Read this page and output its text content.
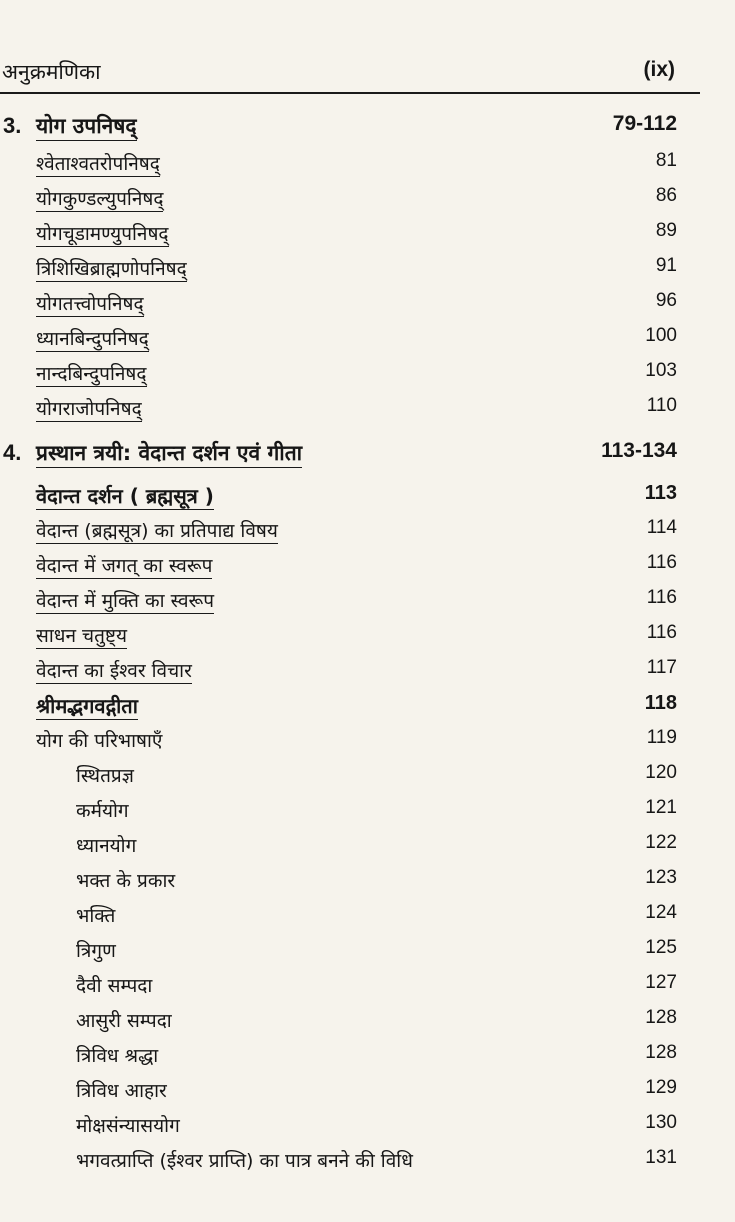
अनुक्रमणिका	(ix)
3. योग उपनिषद्	79-112
श्वेताश्वतरोपनिषद्	81
योगकुण्डल्युपनिषद्	86
योगचूडामण्युपनिषद्	89
त्रिशिखिब्राह्मणोपनिषद्	91
योगतत्त्वोपनिषद्	96
ध्यानबिन्दुपनिषद्	100
नान्दबिन्दुपनिषद्	103
योगराजोपनिषद्	110
4. प्रस्थान त्रयी: वेदान्त दर्शन एवं गीता	113-134
वेदान्त दर्शन ( ब्रह्मसूत्र )	113
वेदान्त (ब्रह्मसूत्र) का प्रतिपाद्य विषय	114
वेदान्त में जगत् का स्वरूप	116
वेदान्त में मुक्ति का स्वरूप	116
साधन चतुष्ट्य	116
वेदान्त का ईश्वर विचार	117
श्रीमद्भगवद्गीता	118
योग की परिभाषाएँ	119
स्थितप्रज्ञ	120
कर्मयोग	121
ध्यानयोग	122
भक्त के प्रकार	123
भक्ति	124
त्रिगुण	125
दैवी सम्पदा	127
आसुरी सम्पदा	128
त्रिविध श्रद्धा	128
त्रिविध आहार	129
मोक्षसंन्यासयोग	130
भगवत्प्राप्ति (ईश्वर प्राप्ति) का पात्र बनने की विधि	131
